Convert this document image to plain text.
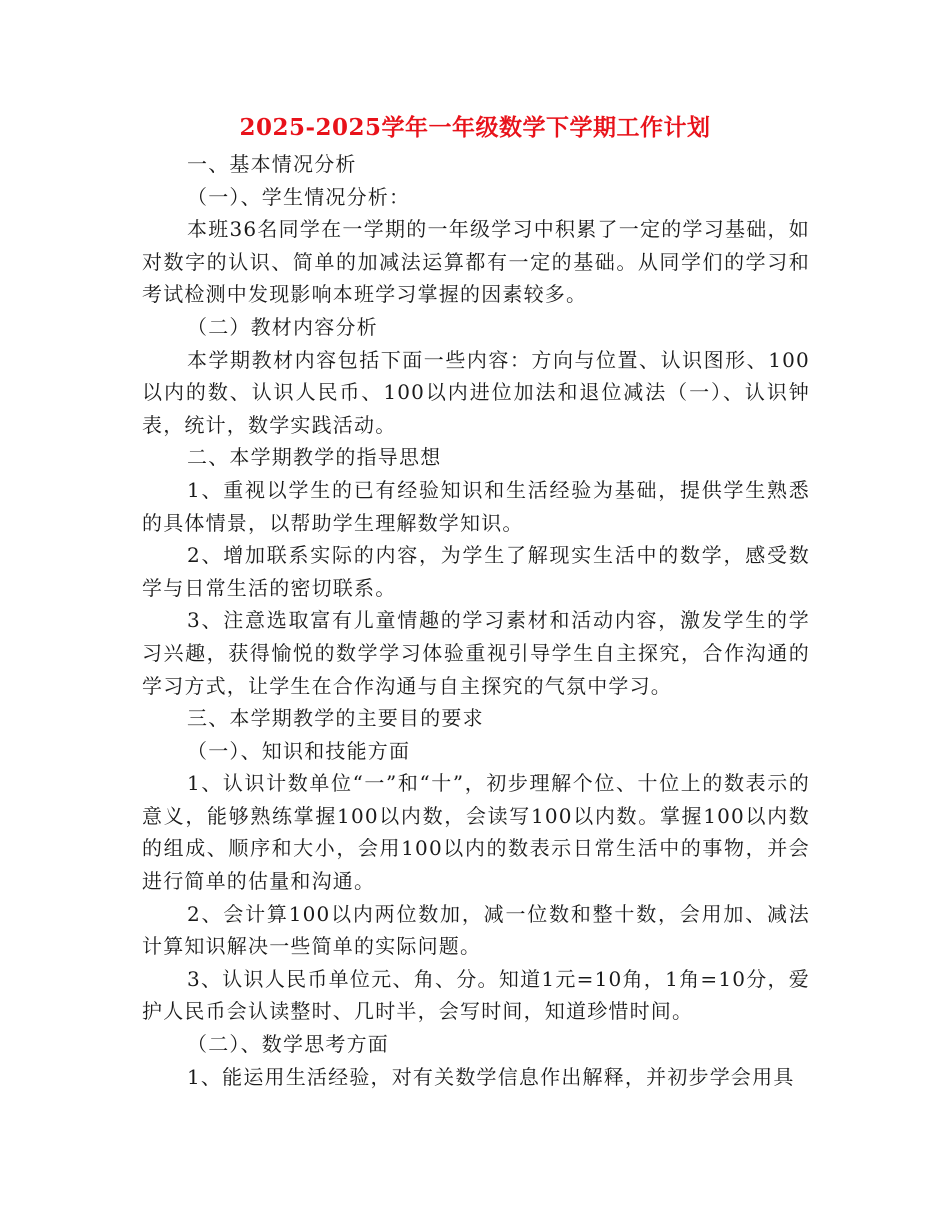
2025-2025学年一年级数学下学期工作计划

一、基本情况分析

（一）、学生情况分析：

本班36名同学在一学期的一年级学习中积累了一定的学习基础，如对数字的认识、简单的加减法运算都有一定的基础。从同学们的学习和考试检测中发现影响本班学习掌握的因素较多。

（二）教材内容分析

本学期教材内容包括下面一些内容：方向与位置、认识图形、100以内的数、认识人民币、100以内进位加法和退位减法（一）、认识钟表，统计，数学实践活动。

二、本学期教学的指导思想

1、重视以学生的已有经验知识和生活经验为基础，提供学生熟悉的具体情景，以帮助学生理解数学知识。

2、增加联系实际的内容，为学生了解现实生活中的数学，感受数学与日常生活的密切联系。

3、注意选取富有儿童情趣的学习素材和活动内容，激发学生的学习兴趣，获得愉悦的数学学习体验重视引导学生自主探究，合作沟通的学习方式，让学生在合作沟通与自主探究的气氛中学习。

三、本学期教学的主要目的要求

（一）、知识和技能方面

1、认识计数单位“一”和“十”，初步理解个位、十位上的数表示的意义，能够熟练掌握100以内数，会读写100以内数。掌握100以内数的组成、顺序和大小，会用100以内的数表示日常生活中的事物，并会进行简单的估量和沟通。

2、会计算100以内两位数加，减一位数和整十数，会用加、减法计算知识解决一些简单的实际问题。

3、认识人民币单位元、角、分。知道1元=10角，1角=10分，爱护人民币会认读整时、几时半，会写时间，知道珍惜时间。

（二）、数学思考方面

1、能运用生活经验，对有关数学信息作出解释，并初步学会用具
